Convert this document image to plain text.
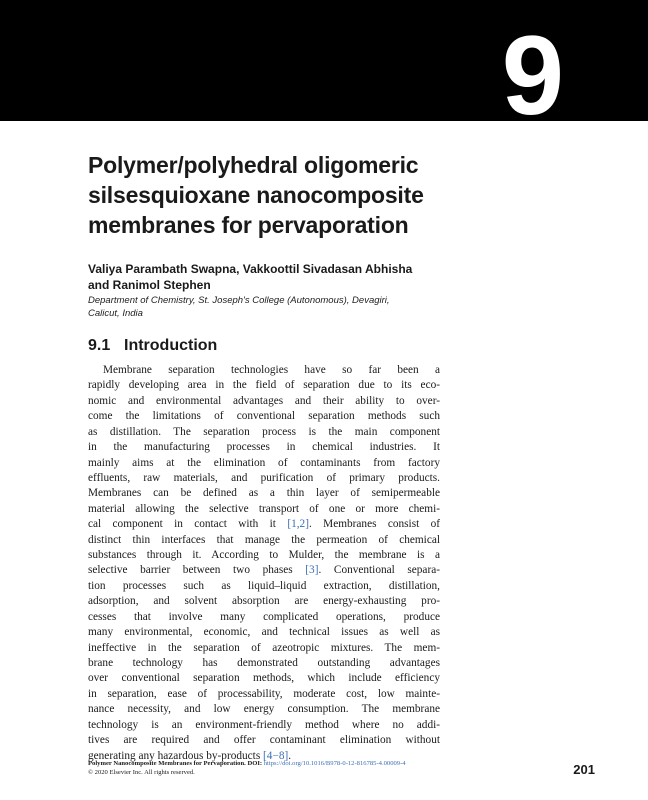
9
Polymer/polyhedral oligomeric
silsesquioxane nanocomposite
membranes for pervaporation
Valiya Parambath Swapna, Vakkoottil Sivadasan Abhisha
and Ranimol Stephen
Department of Chemistry, St. Joseph's College (Autonomous), Devagiri,
Calicut, India
9.1 Introduction
Membrane separation technologies have so far been a
rapidly developing area in the field of separation due to its eco-
nomic and environmental advantages and their ability to over-
come the limitations of conventional separation methods such
as distillation. The separation process is the main component
in the manufacturing processes in chemical industries. It
mainly aims at the elimination of contaminants from factory
effluents, raw materials, and purification of primary products.
Membranes can be defined as a thin layer of semipermeable
material allowing the selective transport of one or more chemi-
cal component in contact with it [1,2]. Membranes consist of
distinct thin interfaces that manage the permeation of chemical
substances through it. According to Mulder, the membrane is a
selective barrier between two phases [3]. Conventional separa-
tion processes such as liquid–liquid extraction, distillation,
adsorption, and solvent absorption are energy-exhausting pro-
cesses that involve many complicated operations, produce
many environmental, economic, and technical issues as well as
ineffective in the separation of azeotropic mixtures. The mem-
brane technology has demonstrated outstanding advantages
over conventional separation methods, which include efficiency
in separation, ease of processability, moderate cost, low mainte-
nance necessity, and low energy consumption. The membrane
technology is an environment-friendly method where no addi-
tives are required and offer contaminant elimination without
generating any hazardous by-products [4−8].
Polymer Nanocomposite Membranes for Pervaporation. DOI: https://doi.org/10.1016/B978-0-12-816785-4.00009-4
© 2020 Elsevier Inc. All rights reserved.	201
